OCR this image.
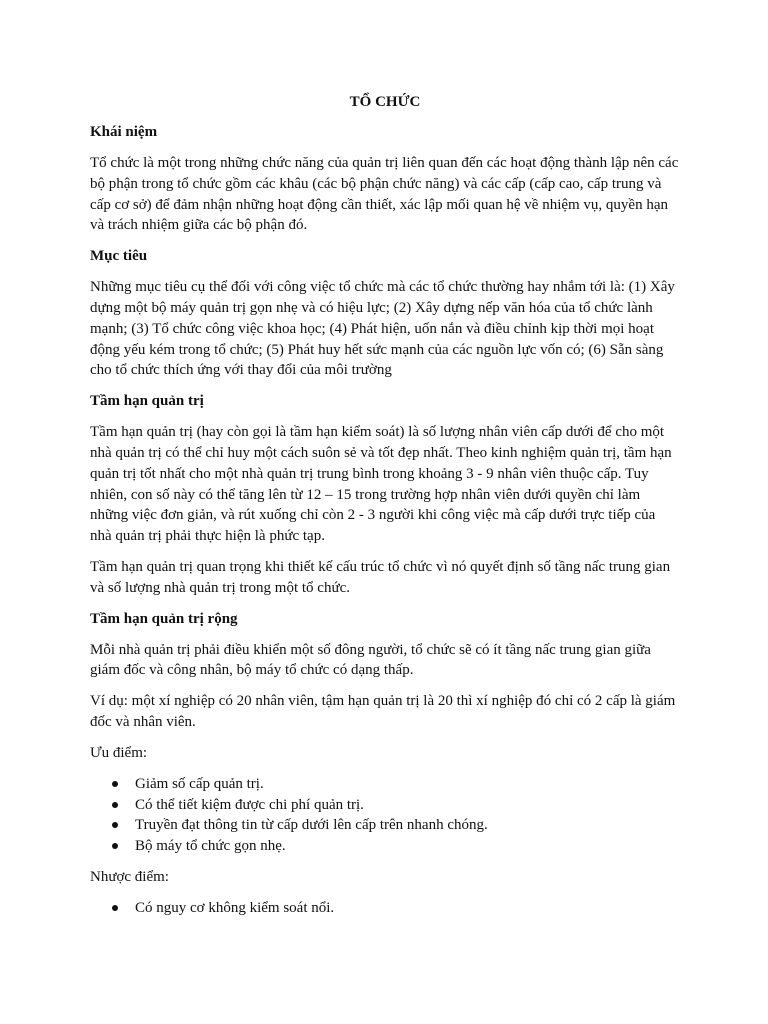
TỔ CHỨC
Khái niệm

Tổ chức là một trong những chức năng của quản trị liên quan đến các hoạt động thành lập nên các bộ phận trong tổ chức gồm các khâu (các bộ phận chức năng) và các cấp (cấp cao, cấp trung và cấp cơ sở) để đảm nhận những hoạt động cần thiết, xác lập mối quan hệ về nhiệm vụ, quyền hạn và trách nhiệm giữa các bộ phận đó.

Mục tiêu

Những mục tiêu cụ thể đối với công việc tổ chức mà các tổ chức thường hay nhắm tới là: (1) Xây dựng một bộ máy quản trị gọn nhẹ và có hiệu lực; (2) Xây dựng nếp văn hóa của tổ chức lành mạnh; (3) Tổ chức công việc khoa học; (4) Phát hiện, uốn nắn và điều chỉnh kịp thời mọi hoạt động yếu kém trong tổ chức; (5) Phát huy hết sức mạnh của các nguồn lực vốn có; (6) Sẵn sàng cho tổ chức thích ứng với thay đổi của môi trường

Tầm hạn quản trị

Tầm hạn quản trị (hay còn gọi là tầm hạn kiểm soát) là số lượng nhân viên cấp dưới để cho một nhà quản trị có thể chỉ huy một cách suôn sẻ và tốt đẹp nhất. Theo kinh nghiệm quản trị, tầm hạn quản trị tốt nhất cho một nhà quản trị trung bình trong khoảng 3 - 9 nhân viên thuộc cấp. Tuy nhiên, con số này có thể tăng lên từ 12 – 15 trong trường hợp nhân viên dưới quyền chỉ làm những việc đơn giản, và rút xuống chỉ còn 2 - 3 người khi công việc mà cấp dưới trực tiếp của nhà quản trị phải thực hiện là phức tạp.

Tầm hạn quản trị quan trọng khi thiết kế cấu trúc tổ chức vì nó quyết định số tầng nấc trung gian và số lượng nhà quản trị trong một tổ chức.

Tầm hạn quản trị rộng

Mỗi nhà quản trị phải điều khiển một số đông người, tổ chức sẽ có ít tầng nấc trung gian giữa giám đốc và công nhân, bộ máy tổ chức có dạng thấp.

Ví dụ: một xí nghiệp có 20 nhân viên, tậm hạn quản trị là 20 thì xí nghiệp đó chỉ có 2 cấp là giám đốc và nhân viên.

Ưu điểm:
Giảm số cấp quản trị.
Có thể tiết kiệm được chi phí quản trị.
Truyền đạt thông tin từ cấp dưới lên cấp trên nhanh chóng.
Bộ máy tổ chức gọn nhẹ.
Nhược điểm:
Có nguy cơ không kiểm soát nổi.
